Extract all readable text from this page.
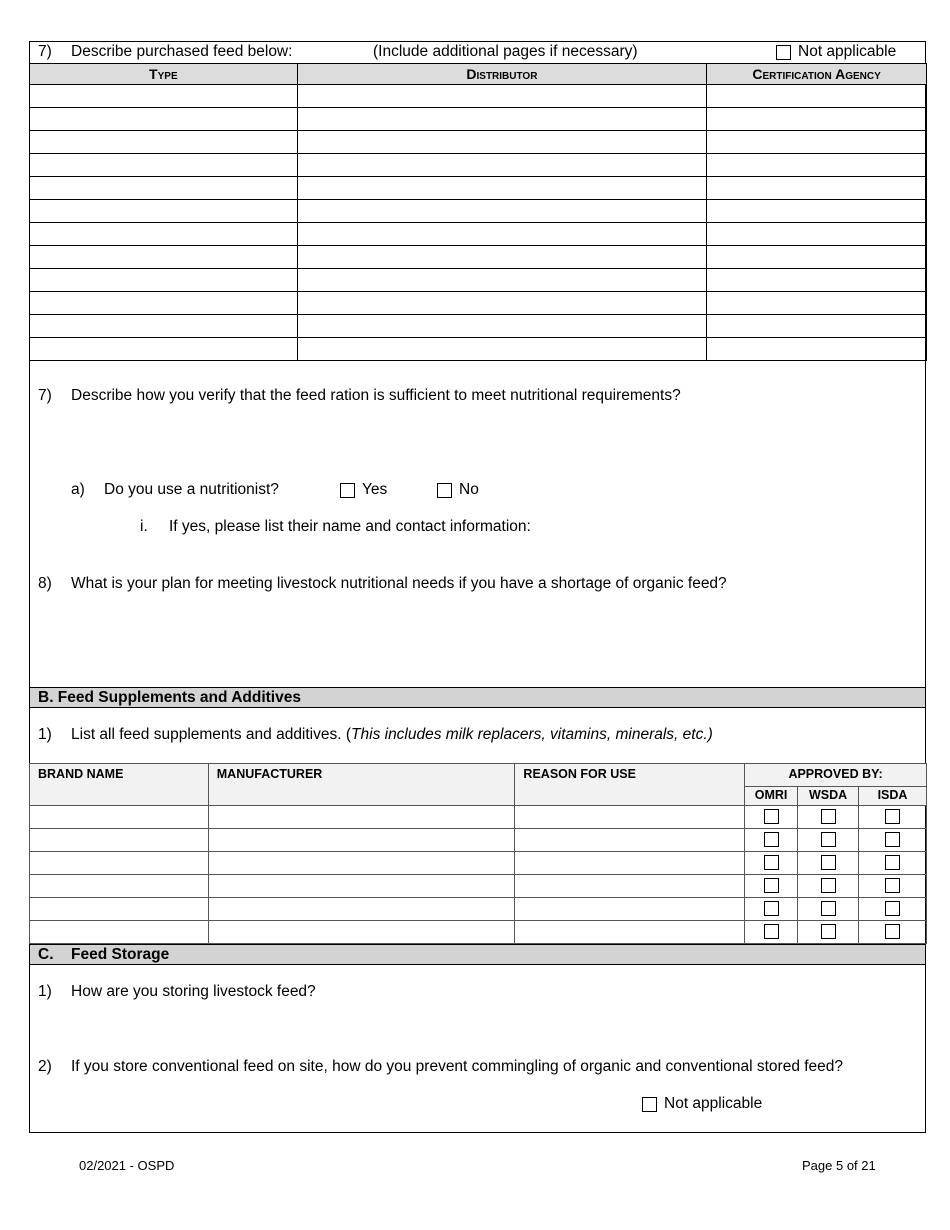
7) Describe purchased feed below:	(Include additional pages if necessary)	Not applicable
Type	Distributor	Certification Agency

7) Describe how you verify that the feed ration is sufficient to meet nutritional requirements?
a) Do you use a nutritionist?	Yes	No
i. If yes, please list their name and contact information:
8) What is your plan for meeting livestock nutritional needs if you have a shortage of organic feed?
B. Feed Supplements and Additives
1) List all feed supplements and additives. (This includes milk replacers, vitamins, minerals, etc.)
BRAND NAME	MANUFACTURER	REASON FOR USE	APPROVED BY:		
			OMRI	WSDA	ISDA

C. Feed Storage
1) How are you storing livestock feed?
2) If you store conventional feed on site, how do you prevent commingling of organic and conventional stored feed?
Not applicable
02/2021 - OSPD	Page 5 of 21
